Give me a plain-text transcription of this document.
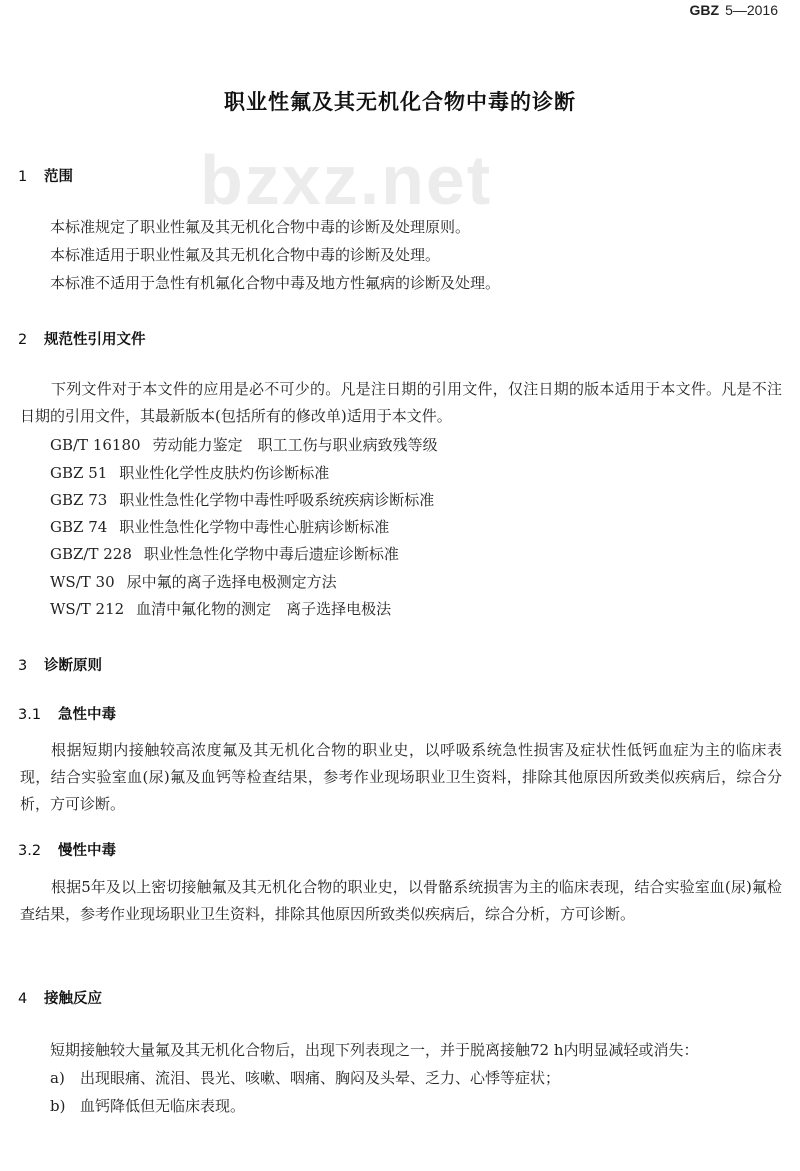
GBZ 5—2016
bzxz.net
职业性氟及其无机化合物中毒的诊断
1 范围
本标准规定了职业性氟及其无机化合物中毒的诊断及处理原则。
本标准适用于职业性氟及其无机化合物中毒的诊断及处理。
本标准不适用于急性有机氟化合物中毒及地方性氟病的诊断及处理。
2 规范性引用文件
下列文件对于本文件的应用是必不可少的。凡是注日期的引用文件，仅注日期的版本适用于本文件。凡是不注日期的引用文件，其最新版本(包括所有的修改单)适用于本文件。
GB/T 16180 劳动能力鉴定　职工工伤与职业病致残等级
GBZ 51 职业性化学性皮肤灼伤诊断标准
GBZ 73 职业性急性化学物中毒性呼吸系统疾病诊断标准
GBZ 74 职业性急性化学物中毒性心脏病诊断标准
GBZ/T 228 职业性急性化学物中毒后遗症诊断标准
WS/T 30 尿中氟的离子选择电极测定方法
WS/T 212 血清中氟化物的测定　离子选择电极法
3 诊断原则
3.1 急性中毒
根据短期内接触较高浓度氟及其无机化合物的职业史，以呼吸系统急性损害及症状性低钙血症为主的临床表现，结合实验室血(尿)氟及血钙等检查结果，参考作业现场职业卫生资料，排除其他原因所致类似疾病后，综合分析，方可诊断。
3.2 慢性中毒
根据5年及以上密切接触氟及其无机化合物的职业史，以骨骼系统损害为主的临床表现，结合实验室血(尿)氟检查结果，参考作业现场职业卫生资料，排除其他原因所致类似疾病后，综合分析，方可诊断。
4 接触反应
短期接触较大量氟及其无机化合物后，出现下列表现之一，并于脱离接触72 h内明显减轻或消失：
a) 出现眼痛、流泪、畏光、咳嗽、咽痛、胸闷及头晕、乏力、心悸等症状；
b) 血钙降低但无临床表现。
